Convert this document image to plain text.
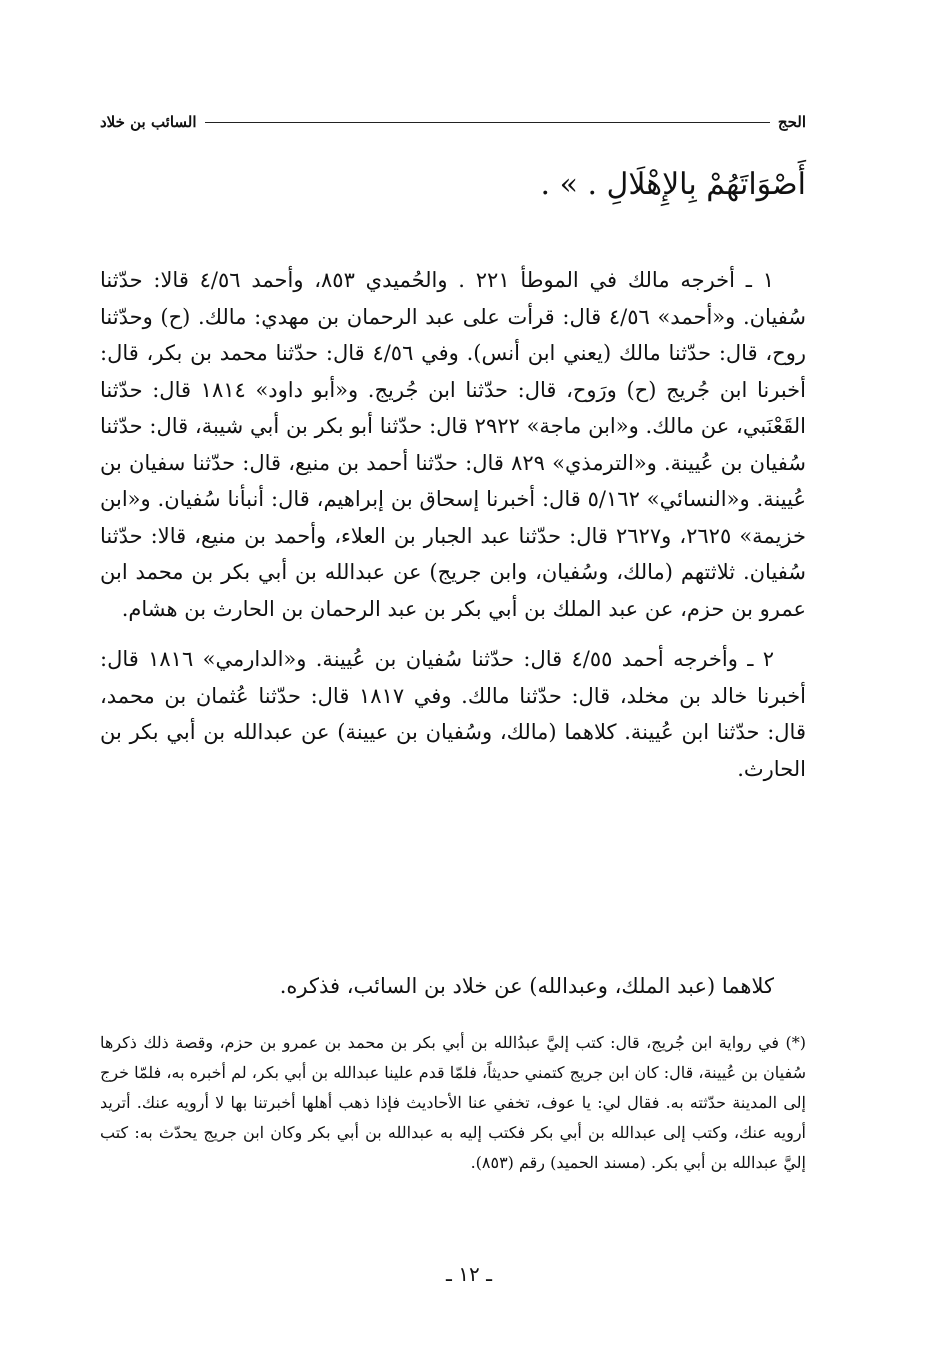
الحج
السائب بن خلاد
أَصْوَاتَهُمْ بِالإِهْلَالِ . » .

١ ـ أخرجه مالك في الموطأ ٢٢١ . والحُميدي ٨٥٣، وأحمد ٤/٥٦ قالا: حدّثنا سُفيان. و«أحمد» ٤/٥٦ قال: قرأت على عبد الرحمان بن مهدي: مالك. (ح) وحدّثنا روح، قال: حدّثنا مالك (يعني ابن أنس). وفي ٤/٥٦ قال: حدّثنا محمد بن بكر، قال: أخبرنا ابن جُريج (ح) ورَوح، قال: حدّثنا ابن جُريج. و«أبو داود» ١٨١٤ قال: حدّثنا القَعْنَبي، عن مالك. و«ابن ماجة» ٢٩٢٢ قال: حدّثنا أبو بكر بن أبي شيبة، قال: حدّثنا سُفيان بن عُيينة. و«الترمذي» ٨٢٩ قال: حدّثنا أحمد بن منيع، قال: حدّثنا سفيان بن عُيينة. و«النسائي» ٥/١٦٢ قال: أخبرنا إسحاق بن إبراهيم، قال: أنبأنا سُفيان. و«ابن خزيمة» ٢٦٢٥، و٢٦٢٧ قال: حدّثنا عبد الجبار بن العلاء، وأحمد بن منيع، قالا: حدّثنا سُفيان. ثلاثتهم (مالك، وسُفيان، وابن جريج) عن عبدالله بن أبي بكر بن محمد ابن عمرو بن حزم، عن عبد الملك بن أبي بكر بن عبد الرحمان بن الحارث بن هشام.

٢ ـ وأخرجه أحمد ٤/٥٥ قال: حدّثنا سُفيان بن عُيينة. و«الدارمي» ١٨١٦ قال: أخبرنا خالد بن مخلد، قال: حدّثنا مالك. وفي ١٨١٧ قال: حدّثنا عُثمان بن محمد، قال: حدّثنا ابن عُيينة. كلاهما (مالك، وسُفيان بن عيينة) عن عبدالله بن أبي بكر بن الحارث.

كلاهما (عبد الملك، وعبدالله) عن خلاد بن السائب، فذكره.
(*) في رواية ابن جُريج، قال: كتب إليَّ عبدُالله بن أبي بكر بن محمد بن عمرو بن حزم، وقصة ذلك ذكرها سُفيان بن عُيينة، قال: كان ابن جريج كتمني حديثاً، فلمّا قدم علينا عبدالله بن أبي بكر، لم أخبره به، فلمّا خرج إلى المدينة حدّثته به. فقال لي: يا عوف، تخفي عنا الأحاديث فإذا ذهب أهلها أخبرتنا بها لا أرويه عنك. أتريد أرويه عنك، وكتب إلى عبدالله بن أبي بكر فكتب إليه به عبدالله بن أبي بكر وكان ابن جريج يحدّث به: كتب إليَّ عبدالله بن أبي بكر. (مسند الحميد) رقم (٨٥٣).
ـ ١٢ ـ
